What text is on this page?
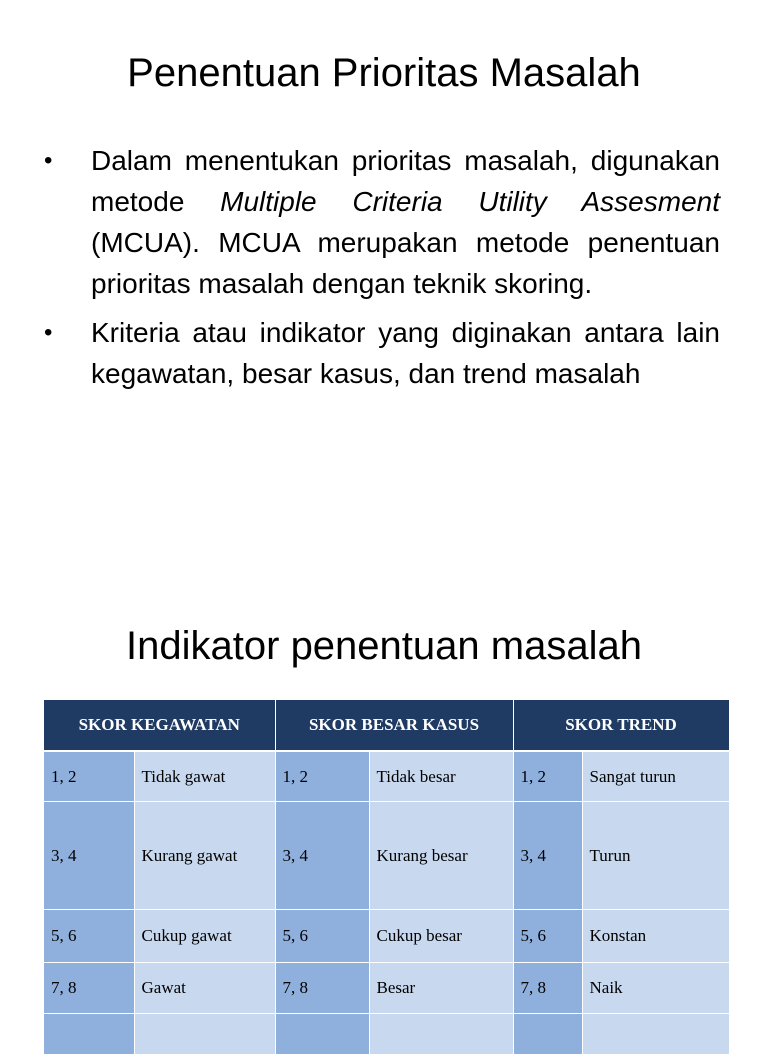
Penentuan Prioritas Masalah
• Dalam menentukan prioritas masalah, digunakan metode Multiple Criteria Utility Assesment (MCUA). MCUA merupakan metode penentuan prioritas masalah dengan teknik skoring.
• Kriteria atau indikator yang diginakan antara lain kegawatan, besar kasus, dan trend masalah
Indikator penentuan masalah
SKOR KEGAWATAN		SKOR BESAR KASUS		SKOR TREND	
1, 2	Tidak gawat	1, 2	Tidak besar	1, 2	Sangat turun
3, 4	Kurang gawat	3, 4	Kurang besar	3, 4	Turun
5, 6	Cukup gawat	5, 6	Cukup besar	5, 6	Konstan
7, 8	Gawat	7, 8	Besar	7, 8	Naik
